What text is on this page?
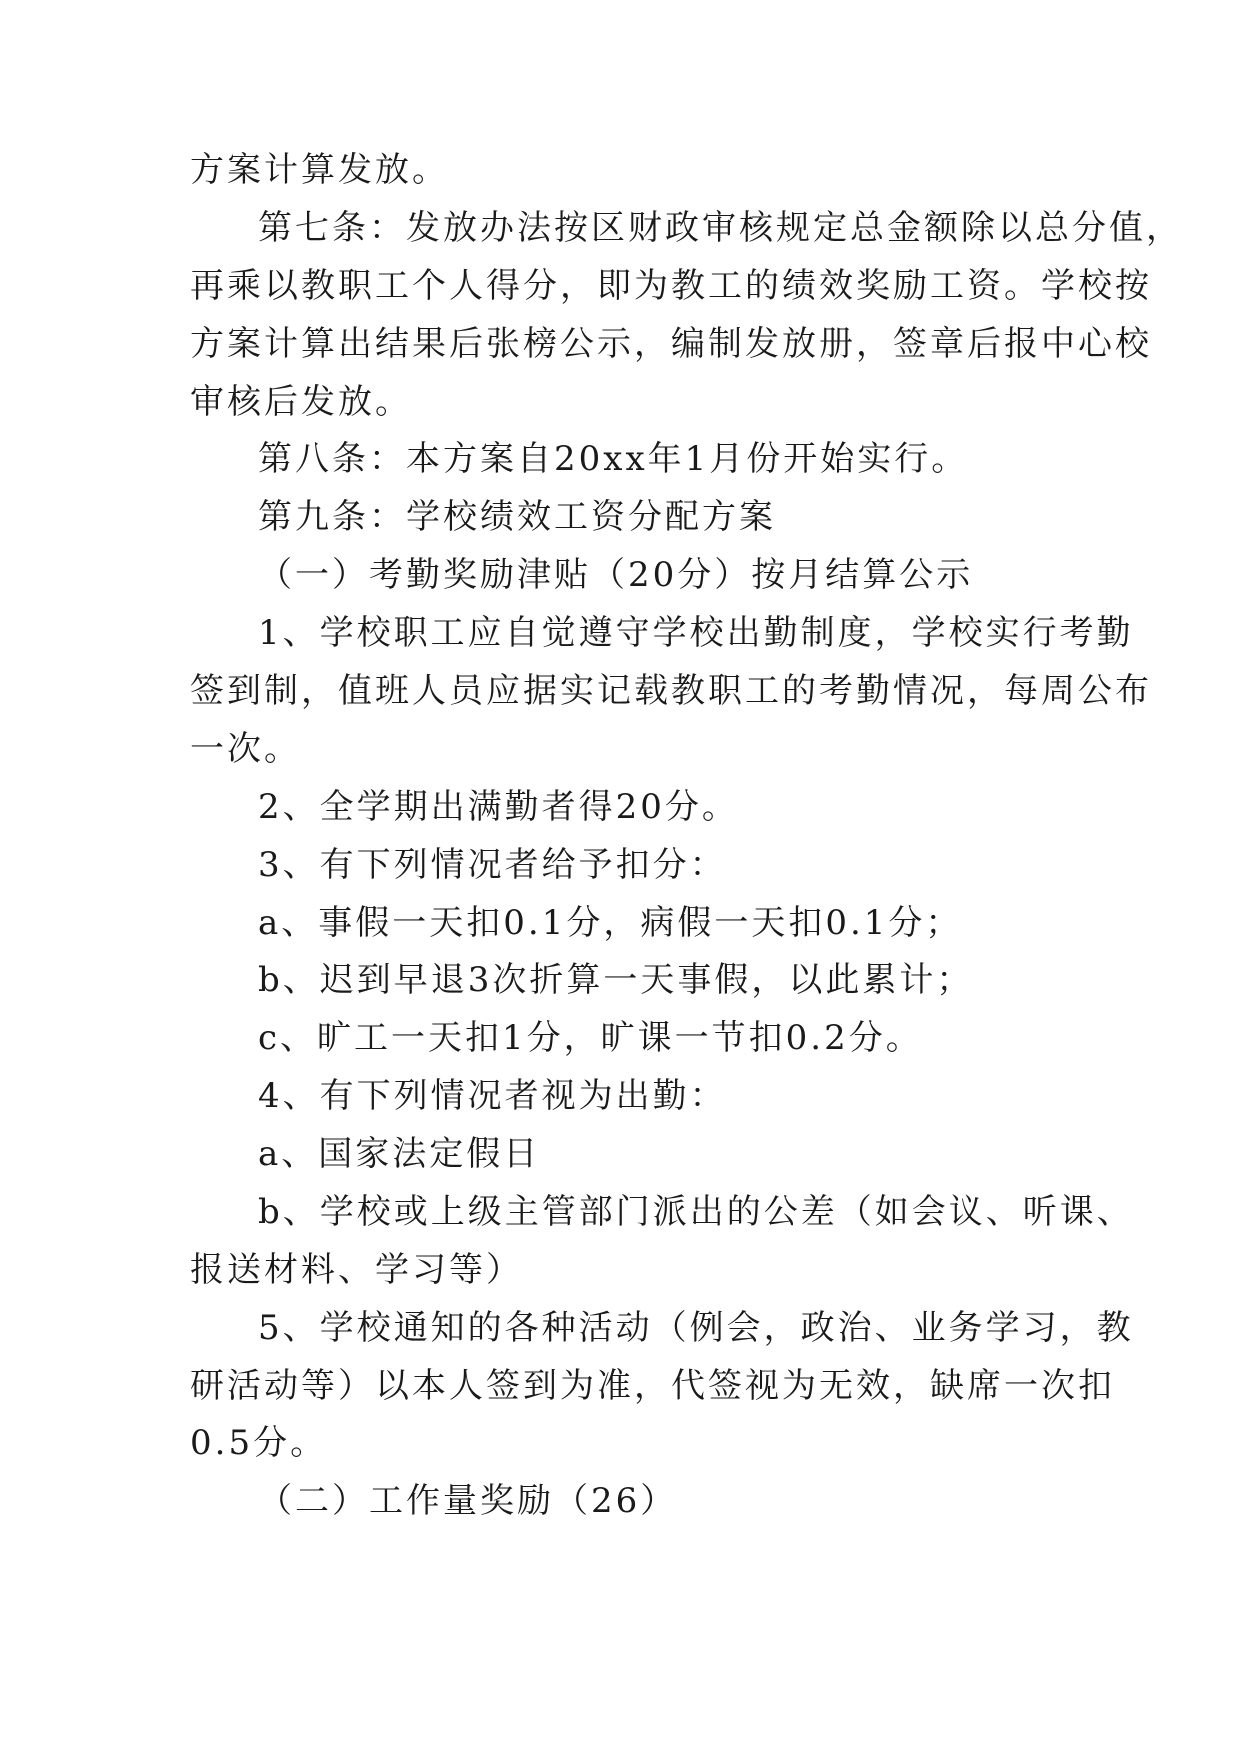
方案计算发放。
第七条：发放办法按区财政审核规定总金额除以总分值，
再乘以教职工个人得分，即为教工的绩效奖励工资。学校按
方案计算出结果后张榜公示，编制发放册，签章后报中心校
审核后发放。
第八条：本方案自20xx年1月份开始实行。
第九条：学校绩效工资分配方案
（一）考勤奖励津贴（20分）按月结算公示
1、学校职工应自觉遵守学校出勤制度，学校实行考勤
签到制，值班人员应据实记载教职工的考勤情况，每周公布
一次。
2、全学期出满勤者得20分。
3、有下列情况者给予扣分：
a、事假一天扣0.1分，病假一天扣0.1分；
b、迟到早退3次折算一天事假，以此累计；
c、旷工一天扣1分，旷课一节扣0.2分。
4、有下列情况者视为出勤：
a、国家法定假日
b、学校或上级主管部门派出的公差（如会议、听课、
报送材料、学习等）
5、学校通知的各种活动（例会，政治、业务学习，教
研活动等）以本人签到为准，代签视为无效，缺席一次扣
0.5分。
（二）工作量奖励（26）
